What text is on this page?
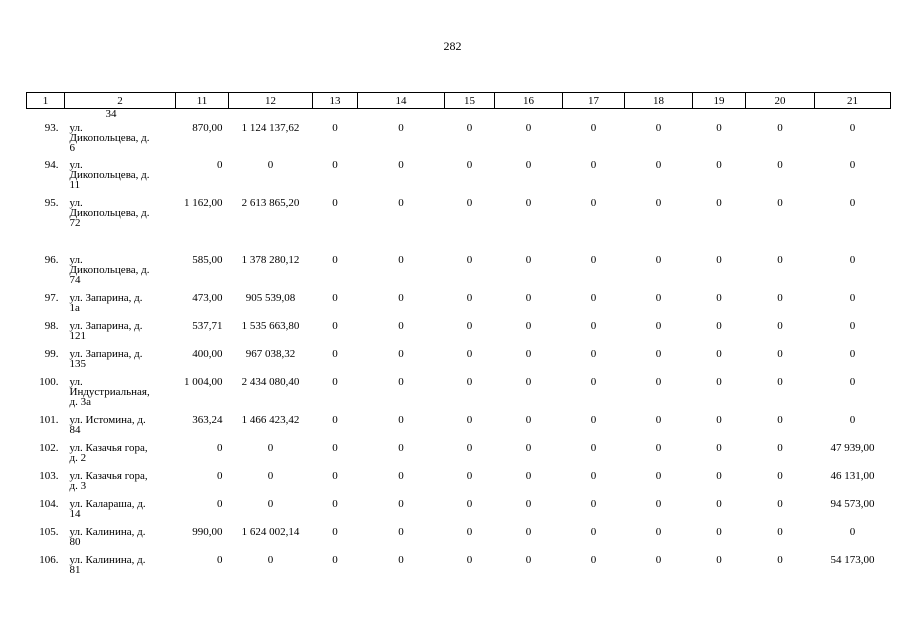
282
1	2	11	12	13	14	15	16	17	18	19	20	21
	34											
93.	ул.
Дикопольцева, д.
6	870,00	1 124 137,62	0	0	0	0	0	0	0	0	0
94.	ул.
Дикопольцева, д.
11	0	0	0	0	0	0	0	0	0	0	0
95.	ул.
Дикопольцева, д.
72	1 162,00	2 613 865,20	0	0	0	0	0	0	0	0	0
96.	ул.
Дикопольцева, д.
74	585,00	1 378 280,12	0	0	0	0	0	0	0	0	0
97.	ул. Запарина, д.
1а	473,00	905 539,08	0	0	0	0	0	0	0	0	0
98.	ул. Запарина, д.
121	537,71	1 535 663,80	0	0	0	0	0	0	0	0	0
99.	ул. Запарина, д.
135	400,00	967 038,32	0	0	0	0	0	0	0	0	0
100.	ул.
Индустриальная,
д. 3а	1 004,00	2 434 080,40	0	0	0	0	0	0	0	0	0
101.	ул. Истомина, д.
84	363,24	1 466 423,42	0	0	0	0	0	0	0	0	0
102.	ул. Казачья гора,
д. 2	0	0	0	0	0	0	0	0	0	0	47 939,00
103.	ул. Казачья гора,
д. 3	0	0	0	0	0	0	0	0	0	0	46 131,00
104.	ул. Калараша, д.
14	0	0	0	0	0	0	0	0	0	0	94 573,00
105.	ул. Калинина, д.
80	990,00	1 624 002,14	0	0	0	0	0	0	0	0	0
106.	ул. Калинина, д.
81	0	0	0	0	0	0	0	0	0	0	54 173,00
